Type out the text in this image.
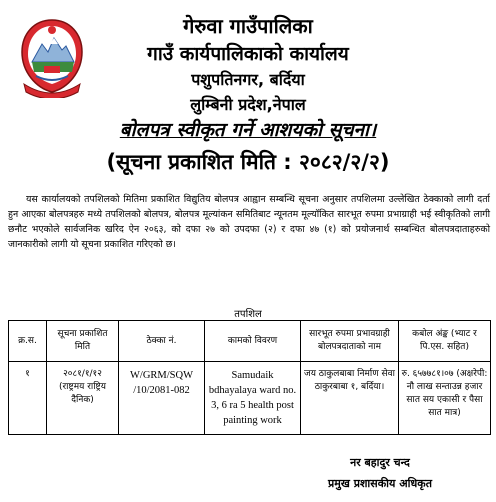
गेरुवा गाउँपालिका
गाउँ कार्यपालिकाको कार्यालय
पशुपतिनगर, बर्दिया
लुम्बिनी प्रदेश,नेपाल
बोलपत्र स्वीकृत गर्ने आशयको सूचना।
(सूचना प्रकाशित मिति : २०८२/२/२)

यस कार्यालयको तपशिलको मितिमा प्रकाशित विद्युतिय बोलपत्र आह्वान सम्बन्धि सूचना अनुसार तपशिलमा उल्लेखित ठेक्काको लागी दर्ता हुन आएका बोलपत्रहरु मध्ये तपशिलको बोलपत्र, बोलपत्र मूल्यांकन समितिबाट न्यूनतम मूल्यॉकित सारभूत रुपमा प्रभाग्राही भई स्वीकृतिको लागी छनौट भएकोले सार्वजनिक खरिद ऐन २०६३, को दफा २७ को उपदफा (२) र दफा ४७ (१) को प्रयोजनार्थ सम्बन्धित बोलपत्रदाताहरुको जानकारीको लागी यो सूचना प्रकाशित गरिएको छ।

तपशिल
क्र.स.	सूचना प्रकाशित मिति	ठेक्का नं.	कामको विवरण	सारभूत रुपमा प्रभावग्राही बोलपत्रदाताको नाम	कबोल अंङ्क (भ्याट र पि.एस. सहित)
१	२०८१/१/१२ (राष्ट्रमय राष्ट्रिय दैनिक)	W/GRM/SQW /10/2081-082	Samudaik bdhayalaya ward no. 3, 6 ra 5 health post painting work	जय ठाकुलबाबा निर्माण सेवा ठाकुरबाबा १, बर्दिया।	रु. ६५७७८१।०७ (अक्षरेपी: नौ लाख सन्ताउन्न हजार सात सय एकासी र पैसा सात मात्र)
नर बहादुर चन्द
प्रमुख प्रशासकीय अधिकृत
